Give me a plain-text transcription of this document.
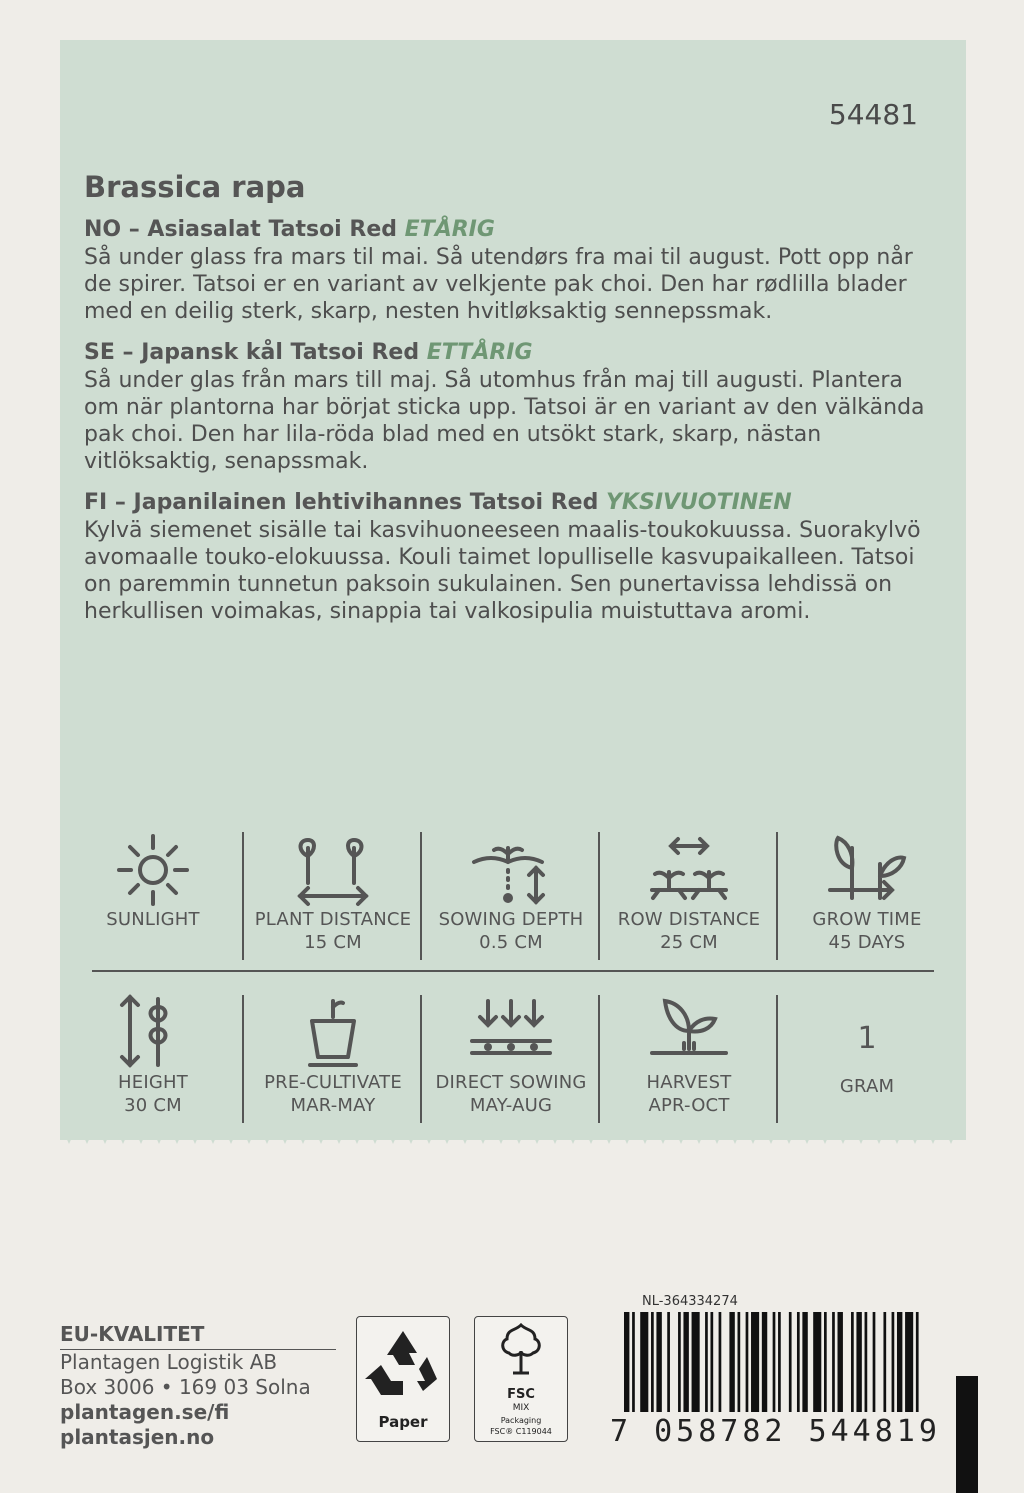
54481
Brassica rapa
NO – Asiasalat Tatsoi Red ETÅRIG

Så under glass fra mars til mai. Så utendørs fra mai til august. Pott opp når de spirer. Tatsoi er en variant av velkjente pak choi. Den har rødlilla blader med en deilig sterk, skarp, nesten hvitløksaktig sennepssmak.

SE – Japansk kål Tatsoi Red ETTÅRIG

Så under glas från mars till maj. Så utomhus från maj till augusti. Plantera om när plantorna har börjat sticka upp. Tatsoi är en variant av den välkända pak choi. Den har lila-röda blad med en utsökt stark, skarp, nästan vitlöksaktig, senapssmak.

FI – Japanilainen lehtivihannes Tatsoi Red YKSIVUOTINEN

Kylvä siemenet sisälle tai kasvihuoneeseen maalis-toukokuussa. Suorakylvö avomaalle touko-elokuussa. Kouli taimet lopulliselle kasvupaikalleen. Tatsoi on paremmin tunnetun paksoin sukulainen. Sen punertavissa lehdissä on herkullisen voimakas, sinappia tai valkosipulia muistuttava aromi.

SUNLIGHT	PLANT DISTANCE
15 CM
SOWING DEPTH
0.5 CM
ROW DISTANCE
25 CM
GROW TIME
45 DAYS
HEIGHT
30 CM
PRE-CULTIVATE
MAR-MAY
DIRECT SOWING
MAY-AUG
HARVEST
APR-OCT
1
GRAM
EU-KVALITET
Plantagen Logistik AB
Box 3006 • 169 03 Solna
plantagen.se/fi
plantasjen.no
Paper
FSC
MIX
Packaging
FSC® C119044
NL-364334274
7 058782 544819
